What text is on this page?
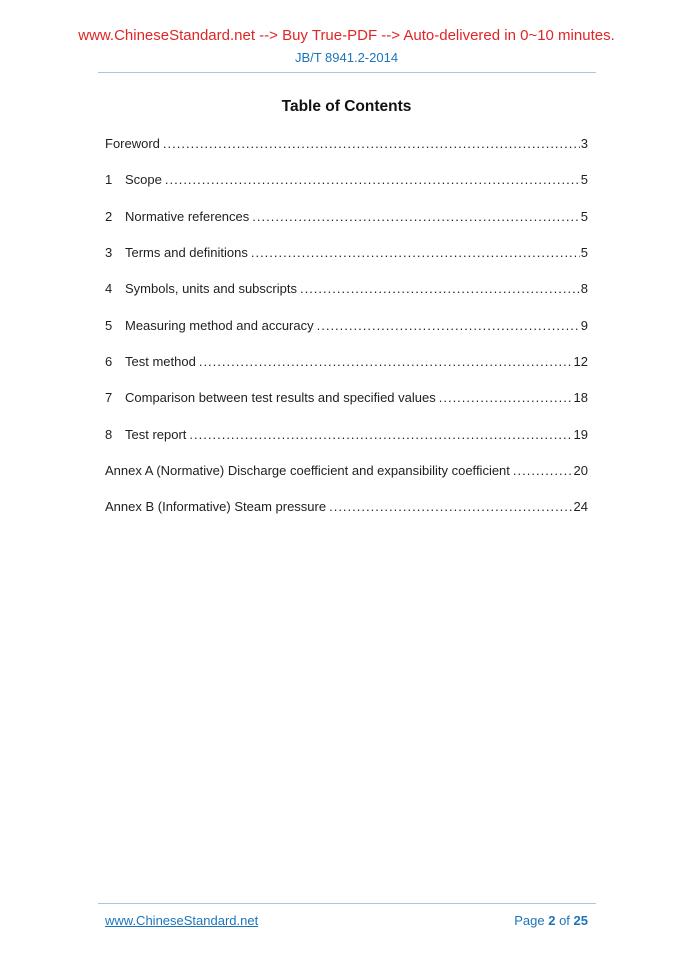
www.ChineseStandard.net --> Buy True-PDF --> Auto-delivered in 0~10 minutes.
JB/T 8941.2-2014
Table of Contents
Foreword .....	3
1 Scope .....	5
2 Normative references .....	5
3 Terms and definitions .....	5
4 Symbols, units and subscripts .....	8
5 Measuring method and accuracy .....	9
6 Test method .....	12
7 Comparison between test results and specified values .....	18
8 Test report .....	19
Annex A (Normative) Discharge coefficient and expansibility coefficient .....	20
Annex B (Informative) Steam pressure .....	24
www.ChineseStandard.net	Page 2 of 25
